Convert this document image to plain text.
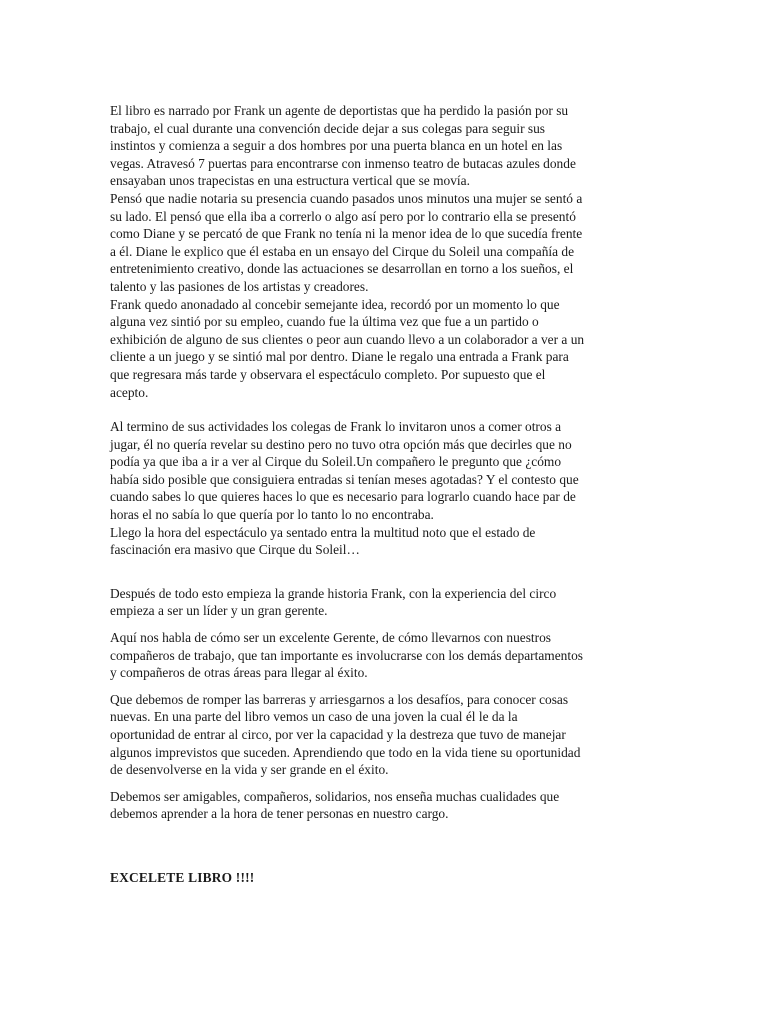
El libro es narrado por Frank un agente de deportistas que ha perdido la pasión por su
trabajo, el cual durante una convención decide dejar a sus colegas para seguir sus
instintos y comienza a seguir a dos hombres por una puerta blanca en un hotel en las
vegas. Atravesó 7 puertas para encontrarse con inmenso teatro de butacas azules donde
ensayaban unos trapecistas en una estructura vertical que se movía.
Pensó que nadie notaria su presencia cuando pasados unos minutos una mujer se sentó a
su lado. El pensó que ella iba a correrlo o algo así pero por lo contrario ella se presentó
como Diane y se percató de que Frank no tenía ni la menor idea de lo que sucedía frente
a él. Diane le explico que él estaba en un ensayo del Cirque du Soleil una compañía de
entretenimiento creativo, donde las actuaciones se desarrollan en torno a los sueños, el
talento y las pasiones de los artistas y creadores.
Frank quedo anonadado al concebir semejante idea, recordó por un momento lo que
alguna vez sintió por su empleo, cuando fue la última vez que fue a un partido o
exhibición de alguno de sus clientes o peor aun cuando llevo a un colaborador a ver a un
cliente a un juego y se sintió mal por dentro. Diane le regalo una entrada a Frank para
que regresara más tarde y observara el espectáculo completo. Por supuesto que el
acepto.
Al termino de sus actividades los colegas de Frank lo invitaron unos a comer otros a
jugar, él no quería revelar su destino pero no tuvo otra opción más que decirles que no
podía ya que iba a ir a ver al Cirque du Soleil.Un compañero le pregunto que ¿cómo
había sido posible que consiguiera entradas si tenían meses agotadas? Y el contesto que
cuando sabes lo que quieres haces lo que es necesario para lograrlo cuando hace par de
horas el no sabía lo que quería por lo tanto lo no encontraba.
Llego la hora del espectáculo ya sentado entra la multitud noto que el estado de
fascinación era masivo que Cirque du Soleil…
Después de todo esto empieza la grande historia Frank, con la experiencia del circo
empieza a ser un líder y un gran gerente.
Aquí nos habla de cómo ser un excelente Gerente, de cómo llevarnos con nuestros
compañeros de trabajo, que tan importante es involucrarse con los demás departamentos
y compañeros de otras áreas para llegar al éxito.
Que debemos de romper las barreras y arriesgarnos a los desafíos, para conocer cosas
nuevas. En una parte del libro vemos un caso de una joven la cual él le da la
oportunidad de entrar al circo, por ver la capacidad y la destreza que tuvo de manejar
algunos imprevistos que suceden. Aprendiendo que todo en la vida tiene su oportunidad
de desenvolverse en la vida y ser grande en el éxito.
Debemos ser amigables, compañeros, solidarios, nos enseña muchas cualidades que
debemos aprender a la hora de tener personas en nuestro cargo.
EXCELETE LIBRO !!!!
